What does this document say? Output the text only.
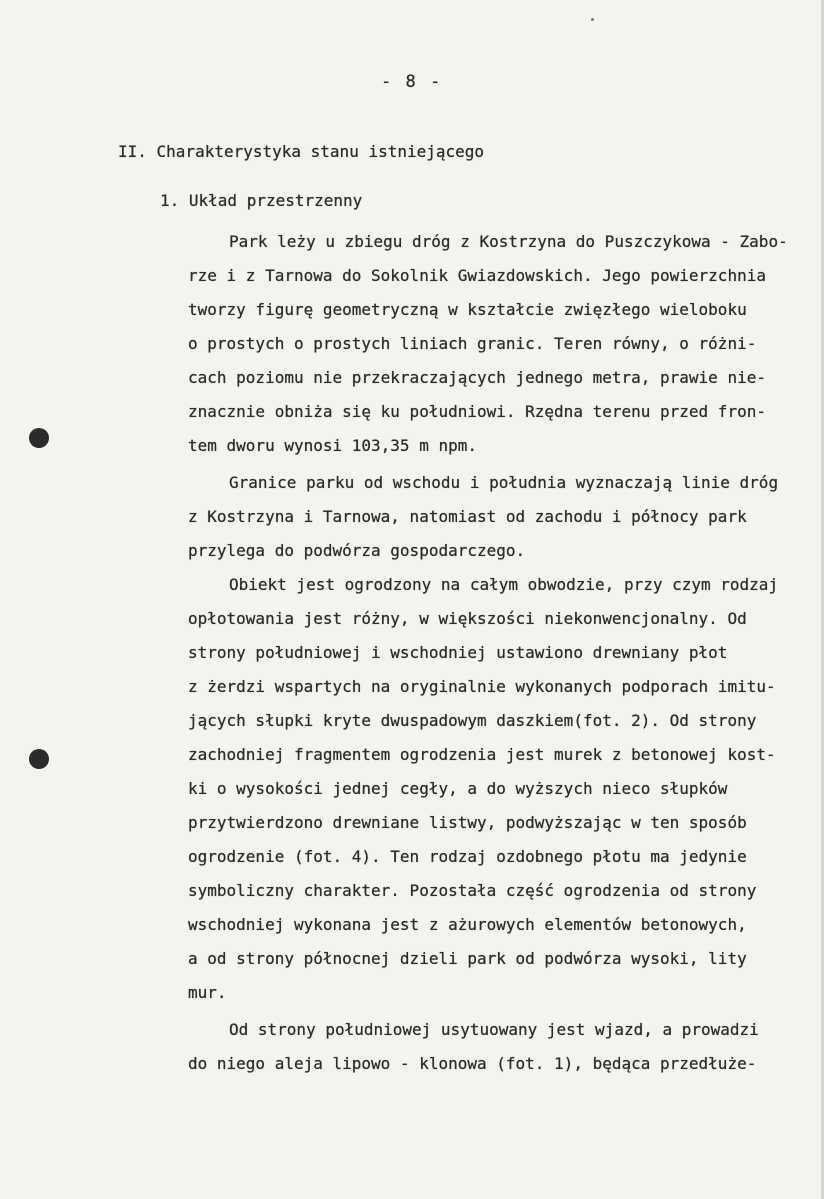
- 8 -
II. Charakterystyka stanu istniejącego
1. Układ przestrzenny
Park leży u zbiegu dróg z Kostrzyna do Puszczykowa - Zabo-
rze i z Tarnowa do Sokolnik Gwiazdowskich. Jego powierzchnia
tworzy figurę geometryczną w kształcie zwięzłego wieloboku
o prostych o prostych liniach granic. Teren równy, o różni-
cach poziomu nie przekraczających jednego metra, prawie nie-
znacznie obniża się ku południowi. Rzędna terenu przed fron-
tem dworu wynosi 103,35 m npm.
Granice parku od wschodu i południa wyznaczają linie dróg
z Kostrzyna i Tarnowa, natomiast od zachodu i północy park
przylega do podwórza gospodarczego.
Obiekt jest ogrodzony na całym obwodzie, przy czym rodzaj
opłotowania jest różny, w większości niekonwencjonalny. Od
strony południowej i wschodniej ustawiono drewniany płot
z żerdzi wspartych na oryginalnie wykonanych podporach imitu-
jących słupki kryte dwuspadowym daszkiem(fot. 2). Od strony
zachodniej fragmentem ogrodzenia jest murek z betonowej kost-
ki o wysokości jednej cegły, a do wyższych nieco słupków
przytwierdzono drewniane listwy, podwyższając w ten sposób
ogrodzenie (fot. 4). Ten rodzaj ozdobnego płotu ma jedynie
symboliczny charakter. Pozostała część ogrodzenia od strony
wschodniej wykonana jest z ażurowych elementów betonowych,
a od strony północnej dzieli park od podwórza wysoki, lity
mur.
Od strony południowej usytuowany jest wjazd, a prowadzi
do niego aleja lipowo - klonowa (fot. 1), będąca przedłuże-
